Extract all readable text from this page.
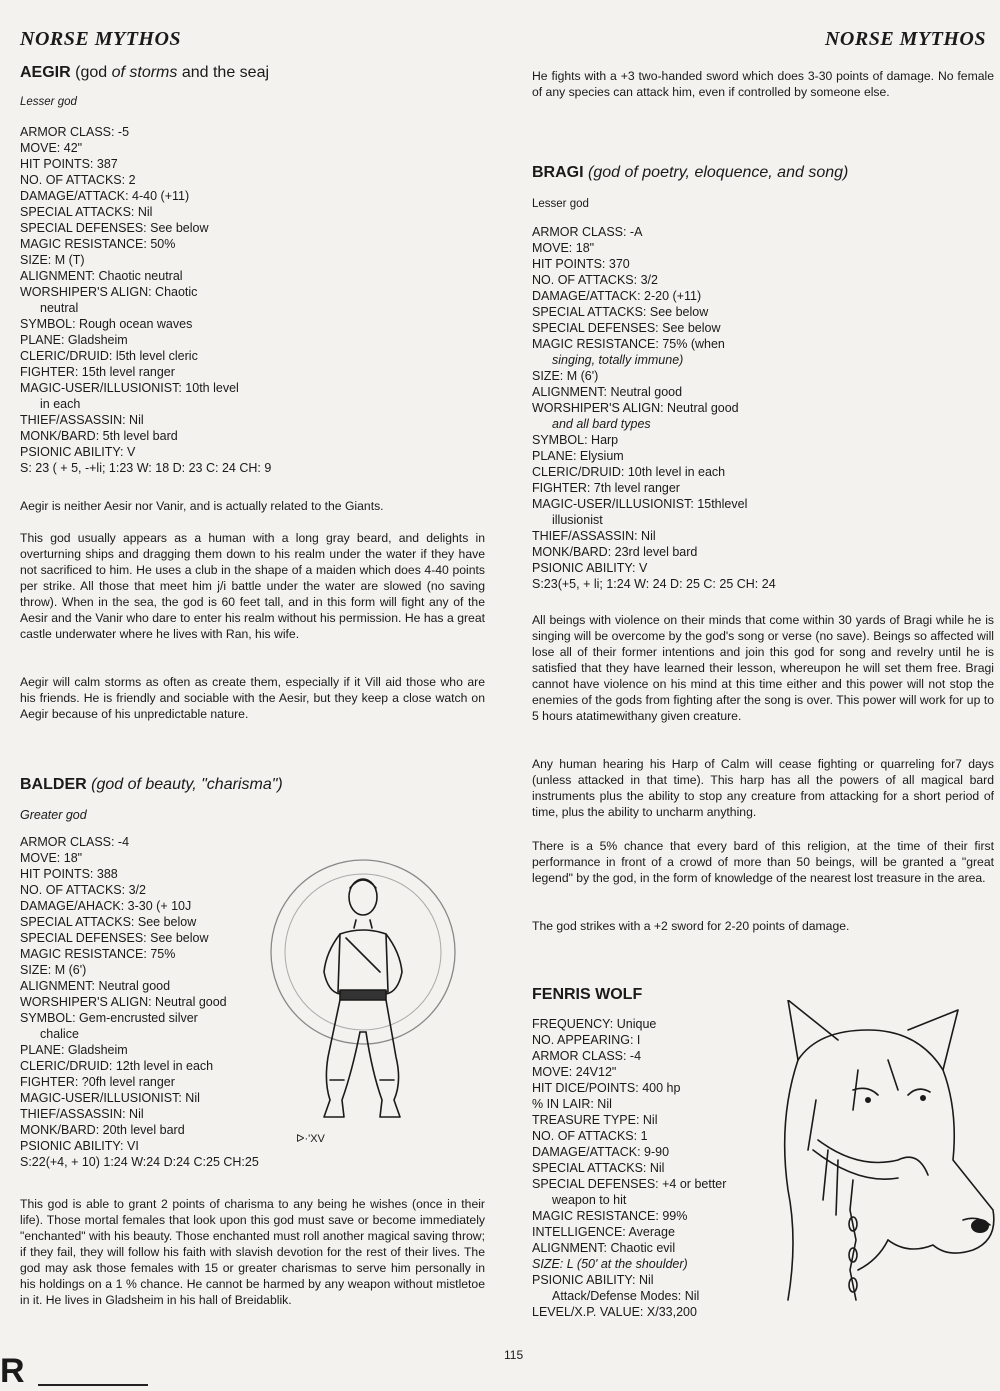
NORSE MYTHOS	NORSE MYTHOS
AEGIR (god of storms and the seaj
Lesser god
ARMOR CLASS: -5
MOVE: 42"
HIT POINTS: 387
NO. OF ATTACKS: 2
DAMAGE/ATTACK: 4-40 (+11)
SPECIAL ATTACKS: Nil
SPECIAL DEFENSES: See below
MAGIC RESISTANCE: 50%
SIZE: M (T)
ALIGNMENT: Chaotic neutral
WORSHIPER'S ALIGN: Chaotic
neutral
SYMBOL: Rough ocean waves
PLANE: Gladsheim
CLERIC/DRUID: l5th level cleric
FIGHTER: 15th level ranger
MAGIC-USER/ILLUSIONIST: 10th level
in each
THIEF/ASSASSIN: Nil
MONK/BARD: 5th level bard
PSIONIC ABILITY: V
S: 23 ( + 5, -+li; 1:23 W: 18 D: 23 C: 24 CH: 9

Aegir is neither Aesir nor Vanir, and is actually related to the Giants.

This god usually appears as a human with a long gray beard, and delights in overturning ships and dragging them down to his realm under the water if they have not sacrificed to him. He uses a club in the shape of a maiden which does 4-40 points per strike. All those that meet him j/i battle under the water are slowed (no saving throw). When in the sea, the god is 60 feet tall, and in this form will fight any of the Aesir and the Vanir who dare to enter his realm without his permission. He has a great castle underwater where he lives with Ran, his wife.

Aegir will calm storms as often as create them, especially if it Vill aid those who are his friends. He is friendly and sociable with the Aesir, but they keep a close watch on Aegir because of his unpredictable nature.

BALDER (god of beauty, "charisma")
Greater god
ARMOR CLASS: -4
MOVE: 18"
HIT POINTS: 388
NO. OF ATTACKS: 3/2
DAMAGE/AHACK: 3-30 (+ 10J
SPECIAL ATTACKS: See below
SPECIAL DEFENSES: See below
MAGIC RESISTANCE: 75%
SIZE: M (6')
ALIGNMENT: Neutral good
WORSHIPER'S ALIGN: Neutral good
SYMBOL: Gem-encrusted silver
chalice
PLANE: Gladsheim
CLERIC/DRUID: 12th level in each
FIGHTER: ?0fh level ranger
MAGIC-USER/ILLUSIONIST: Nil
THIEF/ASSASSIN: Nil
MONK/BARD: 20th level bard
PSIONIC ABILITY: VI
S:22(+4, + 10) 1:24 W:24 D:24 C:25 CH:25

This god is able to grant 2 points of charisma to any being he wishes (once in their life). Those mortal females that look upon this god must save or become immediately "enchanted" with his beauty. Those enchanted must roll another magical saving throw; if they fail, they will follow his faith with slavish devotion for the rest of their lives. The god may ask those females with 15 or greater charismas to serve him personally in his holdings on a 1 % chance. He cannot be harmed by any weapon without mistletoe in it. He lives in Gladsheim in his hall of Breidablik.

ᐅ·'XV

He fights with a +3 two-handed sword which does 3-30 points of damage. No female of any species can attack him, even if controlled by someone else.

BRAGI (god of poetry, eloquence, and song)
Lesser god
ARMOR CLASS: -A
MOVE: 18"
HIT POINTS: 370
NO. OF ATTACKS: 3/2
DAMAGE/ATTACK: 2-20 (+11)
SPECIAL ATTACKS: See below
SPECIAL DEFENSES: See below
MAGIC RESISTANCE: 75% (when
singing, totally immune)
SIZE: M (6')
ALIGNMENT: Neutral good
WORSHIPER'S ALIGN: Neutral good
and all bard types
SYMBOL: Harp
PLANE: Elysium
CLERIC/DRUID: 10th level in each
FIGHTER: 7th level ranger
MAGIC-USER/ILLUSIONIST: 15thlevel
illusionist
THIEF/ASSASSIN: Nil
MONK/BARD: 23rd level bard
PSIONIC ABILITY: V
S:23(+5, + li; 1:24 W: 24 D: 25 C: 25 CH: 24

All beings with violence on their minds that come within 30 yards of Bragi while he is singing will be overcome by the god's song or verse (no save). Beings so affected will lose all of their former intentions and join this god for song and revelry until he is satisfied that they have learned their lesson, whereupon he will set them free. Bragi cannot have violence on his mind at this time either and this power will not stop the enemies of the gods from fighting after the song is over. This power will work for up to 5 hours atatimewithany given creature.

Any human hearing his Harp of Calm will cease fighting or quarreling for7 days (unless attacked in that time). This harp has all the powers of all magical bard instruments plus the ability to stop any creature from attacking for a short period of time, plus the ability to uncharm anything.

There is a 5% chance that every bard of this religion, at the time of their first performance in front of a crowd of more than 50 beings, will be granted a "great legend" by the god, in the form of knowledge of the nearest lost treasure in the area.

The god strikes with a +2 sword for 2-20 points of damage.

FENRIS WOLF
FREQUENCY: Unique
NO. APPEARING: I
ARMOR CLASS: -4
MOVE: 24V12"
HIT DICE/POINTS: 400 hp
% IN LAIR: Nil
TREASURE TYPE: Nil
NO. OF ATTACKS: 1
DAMAGE/ATTACK: 9-90
SPECIAL ATTACKS: Nil
SPECIAL DEFENSES: +4 or better
weapon to hit
MAGIC RESISTANCE: 99%
INTELLIGENCE: Average
ALIGNMENT: Chaotic evil
SIZE: L (50' at the shoulder)
PSIONIC ABILITY: Nil
Attack/Defense Modes: Nil
LEVEL/X.P. VALUE: X/33,200
115
R
